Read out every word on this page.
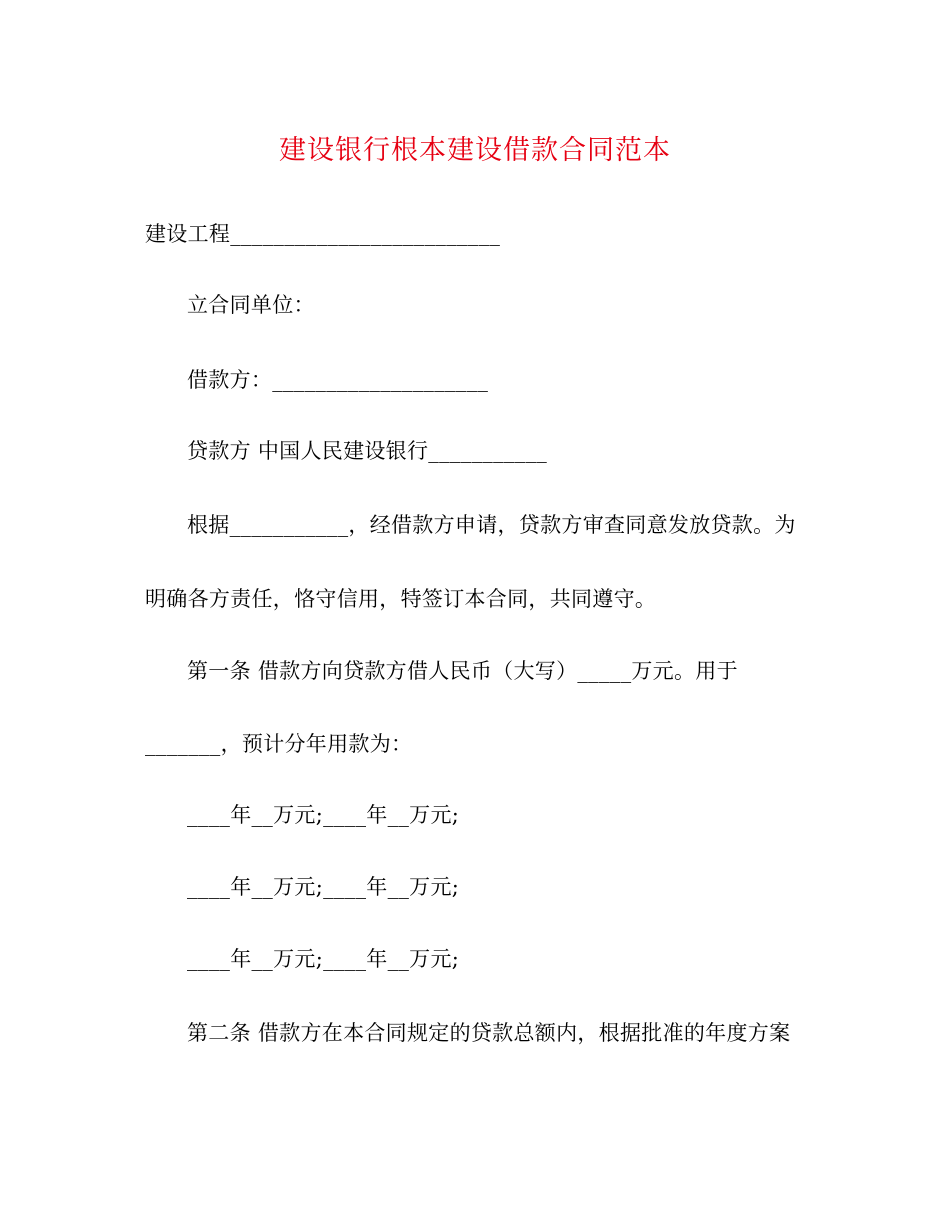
建设银行根本建设借款合同范本
建设工程_________________________
立合同单位：
借款方：____________________
贷款方 中国人民建设银行___________
根据___________，经借款方申请，贷款方审查同意发放贷款。为
明确各方责任，恪守信用，特签订本合同，共同遵守。
第一条 借款方向贷款方借人民币（大写）_____万元。用于
_______，预计分年用款为：
____年__万元;____年__万元;
____年__万元;____年__万元;
____年__万元;____年__万元;
第二条 借款方在本合同规定的贷款总额内，根据批准的年度方案
